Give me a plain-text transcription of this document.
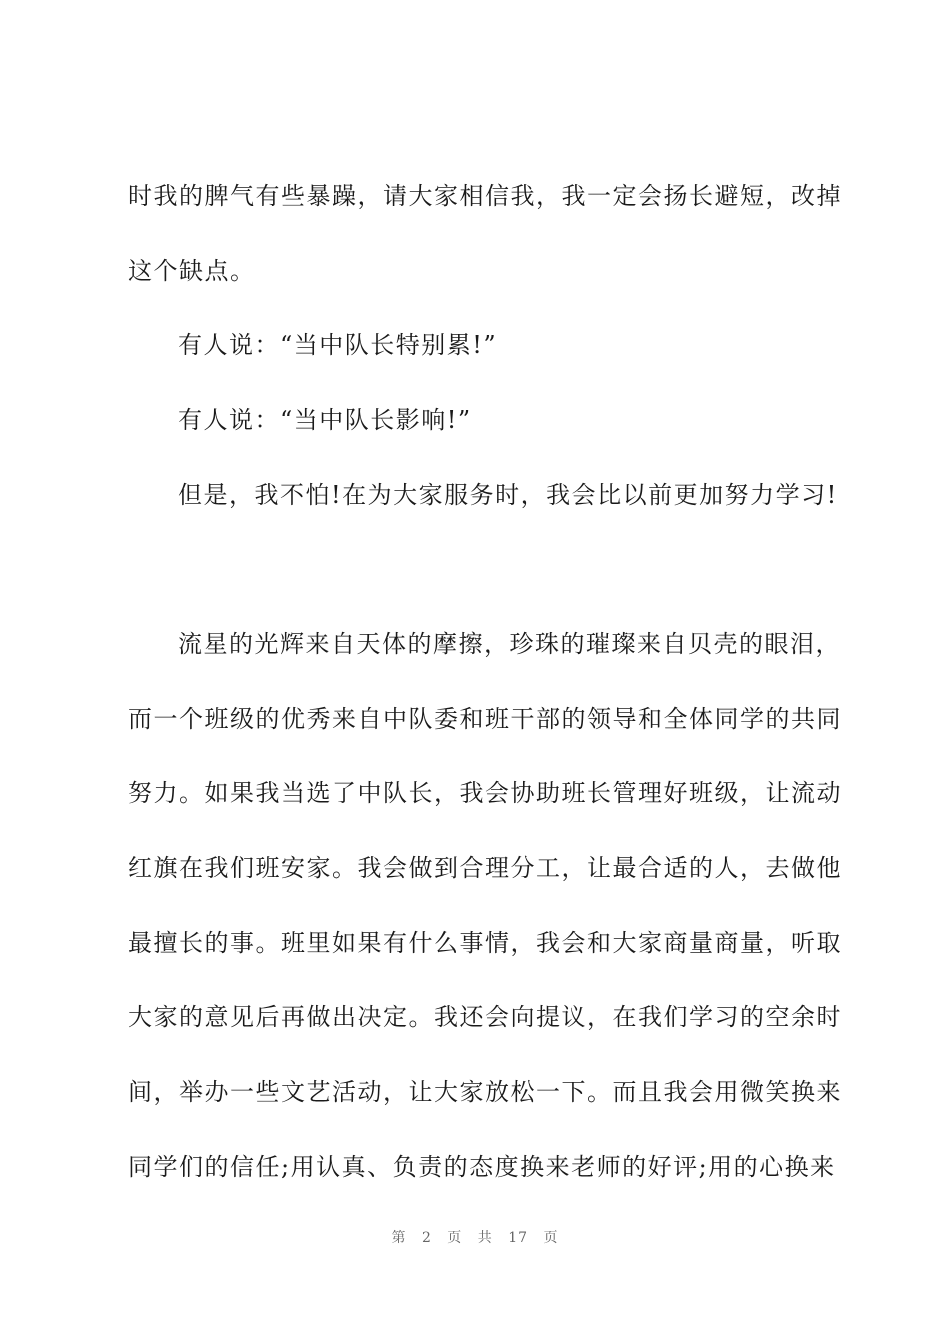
时我的脾气有些暴躁，请大家相信我，我一定会扬长避短，改掉
这个缺点。
有人说：“当中队长特别累!”
有人说：“当中队长影响!”
但是，我不怕!在为大家服务时，我会比以前更加努力学习!
流星的光辉来自天体的摩擦，珍珠的璀璨来自贝壳的眼泪，
而一个班级的优秀来自中队委和班干部的领导和全体同学的共同
努力。如果我当选了中队长，我会协助班长管理好班级，让流动
红旗在我们班安家。我会做到合理分工，让最合适的人，去做他
最擅长的事。班里如果有什么事情，我会和大家商量商量，听取
大家的意见后再做出决定。我还会向提议，在我们学习的空余时
间，举办一些文艺活动，让大家放松一下。而且我会用微笑换来
同学们的信任;用认真、负责的态度换来老师的好评;用的心换来
第 2 页 共 17 页
